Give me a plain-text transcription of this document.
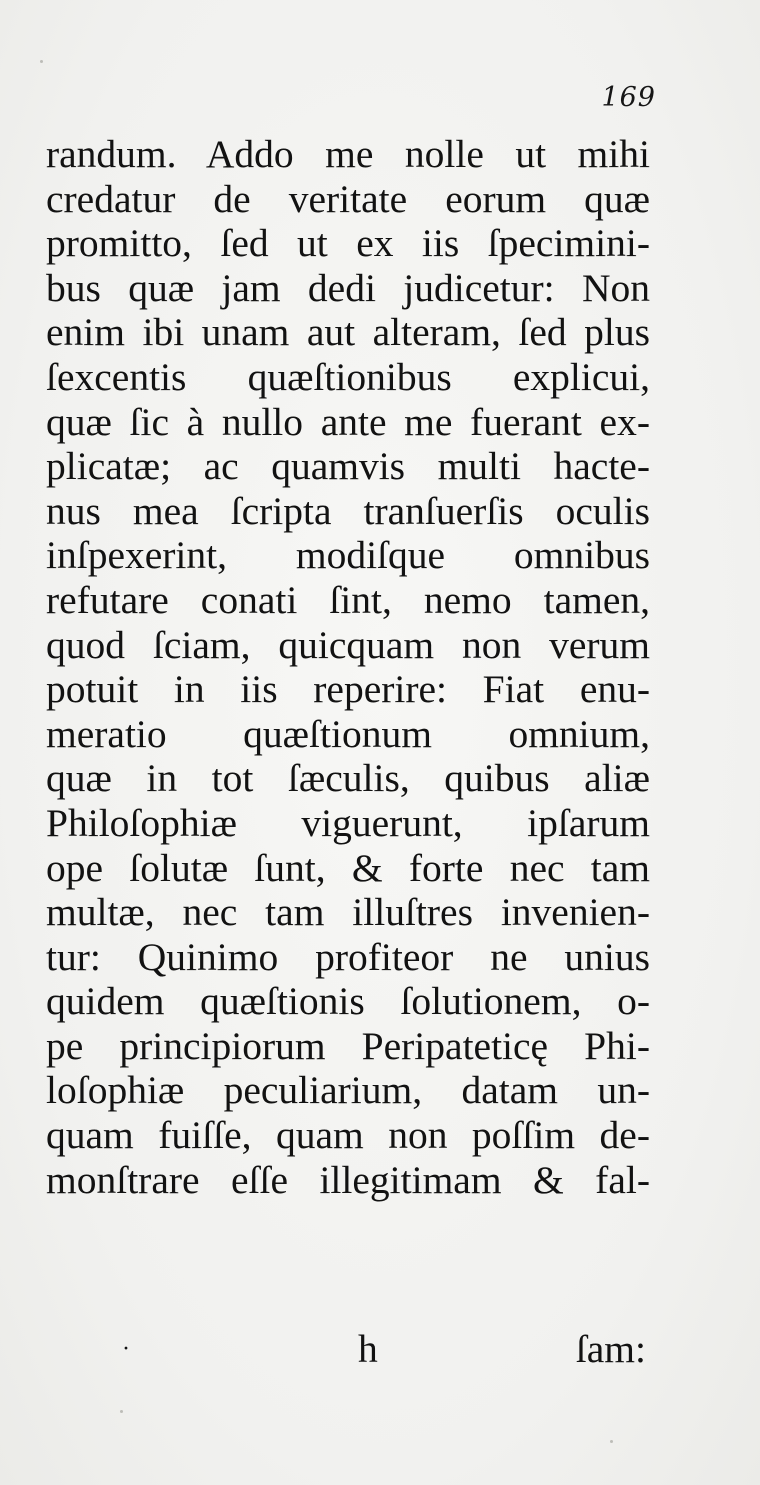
169
randum. Addo me nolle ut mihi
credatur de veritate eorum quæ
promitto, ſed ut ex iis ſpecimini-
bus quæ jam dedi judicetur: Non
enim ibi unam aut alteram, ſed plus
ſexcentis quæſtionibus explicui,
quæ ſic à nullo ante me fuerant ex-
plicatæ; ac quamvis multi hacte-
nus mea ſcripta tranſuerſis oculis
inſpexerint, modiſque omnibus
refutare conati ſint, nemo tamen,
quod ſciam, quicquam non verum
potuit in iis reperire: Fiat enu-
meratio quæſtionum omnium,
quæ in tot ſæculis, quibus aliæ
Philoſophiæ viguerunt, ipſarum
ope ſolutæ ſunt, & forte nec tam
multæ, nec tam illuſtres invenien-
tur: Quinimo profiteor ne unius
quidem quæſtionis ſolutionem, o-
pe principiorum Peripateticę Phi-
loſophiæ peculiarium, datam un-
quam fuiſſe, quam non poſſim de-
monſtrare eſſe illegitimam & fal-
·	h	ſam:
